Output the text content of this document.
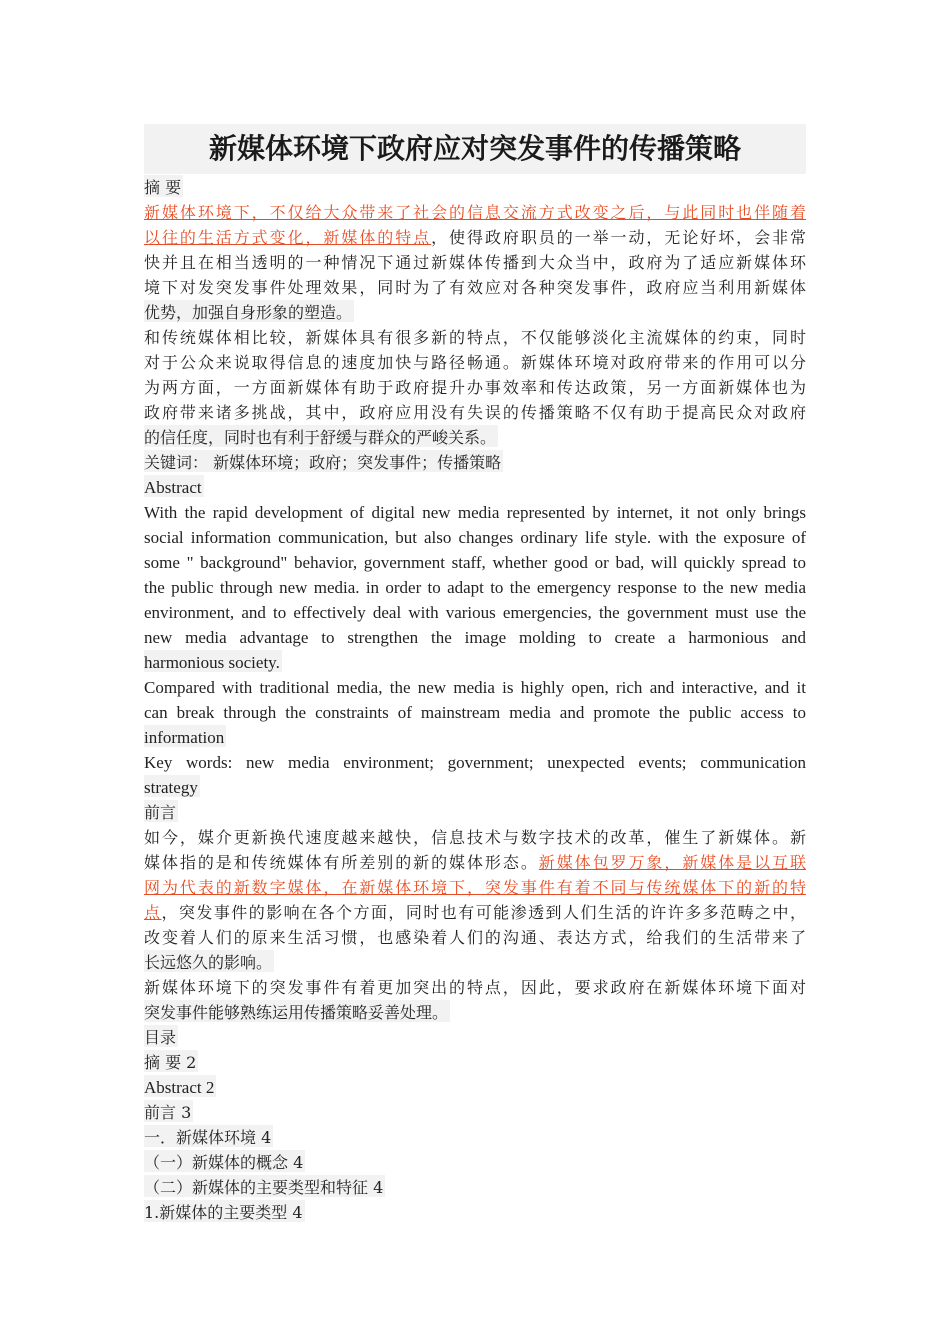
新媒体环境下政府应对突发事件的传播策略
摘 要
新媒体环境下，不仅给大众带来了社会的信息交流方式改变之后，与此同时也伴随着
以往的生活方式变化，新媒体的特点，使得政府职员的一举一动，无论好坏，会非常
快并且在相当透明的一种情况下通过新媒体传播到大众当中，政府为了适应新媒体环
境下对发突发事件处理效果，同时为了有效应对各种突发事件，政府应当利用新媒体
优势，加强自身形象的塑造。
和传统媒体相比较，新媒体具有很多新的特点，不仅能够淡化主流媒体的约束，同时
对于公众来说取得信息的速度加快与路径畅通。新媒体环境对政府带来的作用可以分
为两方面，一方面新媒体有助于政府提升办事效率和传达政策，另一方面新媒体也为
政府带来诸多挑战，其中，政府应用没有失误的传播策略不仅有助于提高民众对政府
的信任度，同时也有利于舒缓与群众的严峻关系。
关键词： 新媒体环境；政府；突发事件；传播策略
Abstract
With the rapid development of digital new media represented by internet, it not only brings
social information communication, but also changes ordinary life style. with the exposure of
some " background" behavior, government staff, whether good or bad, will quickly spread to
the public through new media. in order to adapt to the emergency response to the new media
environment, and to effectively deal with various emergencies, the government must use the
new media advantage to strengthen the image molding to create a harmonious and
harmonious society.
Compared with traditional media, the new media is highly open, rich and interactive, and it
can break through the constraints of mainstream media and promote the public access to
information
Key words: new media environment; government; unexpected events; communication
strategy
前言
如今，媒介更新换代速度越来越快，信息技术与数字技术的改革，催生了新媒体。新
媒体指的是和传统媒体有所差别的新的媒体形态。新媒体包罗万象，新媒体是以互联
网为代表的新数字媒体，在新媒体环境下，突发事件有着不同与传统媒体下的新的特
点，突发事件的影响在各个方面，同时也有可能渗透到人们生活的许许多多范畴之中，
改变着人们的原来生活习惯，也感染着人们的沟通、表达方式，给我们的生活带来了
长远悠久的影响。
新媒体环境下的突发事件有着更加突出的特点，因此，要求政府在新媒体环境下面对
突发事件能够熟练运用传播策略妥善处理。
目录
摘 要 2
Abstract 2
前言 3
一．新媒体环境 4
（一）新媒体的概念 4
（二）新媒体的主要类型和特征 4
1.新媒体的主要类型 4
